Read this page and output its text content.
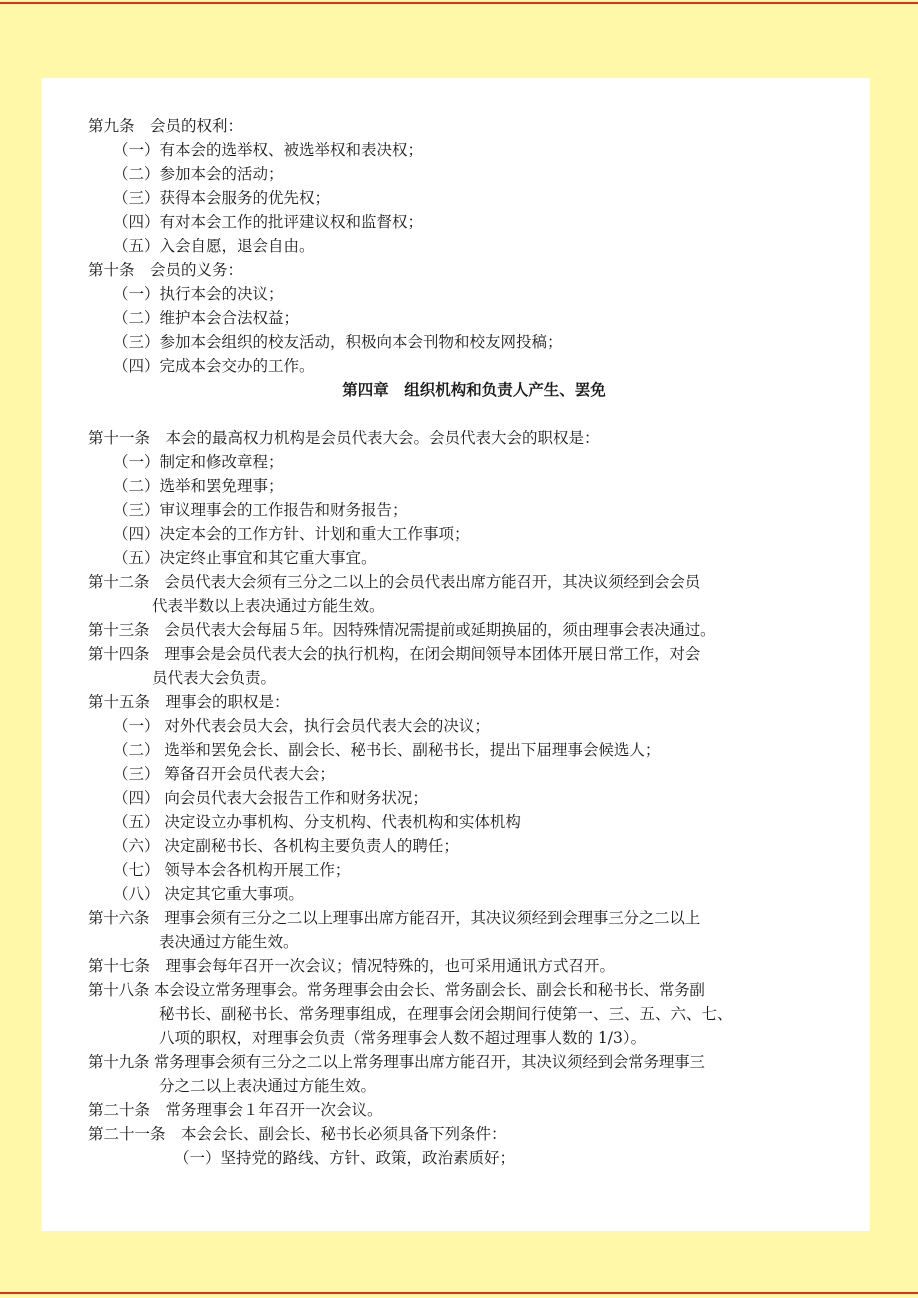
第九条　会员的权利：
（一）有本会的选举权、被选举权和表决权；
（二）参加本会的活动；
（三）获得本会服务的优先权；
（四）有对本会工作的批评建议权和监督权；
（五）入会自愿，退会自由。
第十条　会员的义务：
（一）执行本会的决议；
（二）维护本会合法权益；
（三）参加本会组织的校友活动，积极向本会刊物和校友网投稿；
（四）完成本会交办的工作。
第四章　组织机构和负责人产生、罢免
第十一条　本会的最高权力机构是会员代表大会。会员代表大会的职权是：
（一）制定和修改章程；
（二）选举和罢免理事；
（三）审议理事会的工作报告和财务报告；
（四）决定本会的工作方针、计划和重大工作事项；
（五）决定终止事宜和其它重大事宜。
第十二条　会员代表大会须有三分之二以上的会员代表出席方能召开，其决议须经到会会员
代表半数以上表决通过方能生效。
第十三条　会员代表大会每届５年。因特殊情况需提前或延期换届的，须由理事会表决通过。
第十四条　理事会是会员代表大会的执行机构，在闭会期间领导本团体开展日常工作，对会
员代表大会负责。
第十五条　理事会的职权是：
（一） 对外代表会员大会，执行会员代表大会的决议；
（二） 选举和罢免会长、副会长、秘书长、副秘书长，提出下届理事会候选人；
（三） 筹备召开会员代表大会；
（四） 向会员代表大会报告工作和财务状况；
（五） 决定设立办事机构、分支机构、代表机构和实体机构
（六） 决定副秘书长、各机构主要负责人的聘任；
（七） 领导本会各机构开展工作；
（八） 决定其它重大事项。
第十六条　理事会须有三分之二以上理事出席方能召开，其决议须经到会理事三分之二以上
表决通过方能生效。
第十七条　理事会每年召开一次会议；情况特殊的，也可采用通讯方式召开。
第十八条 本会设立常务理事会。常务理事会由会长、常务副会长、副会长和秘书长、常务副
秘书长、副秘书长、常务理事组成，在理事会闭会期间行使第一、三、五、六、七、
八项的职权，对理事会负责（常务理事会人数不超过理事人数的 1/3）。
第十九条 常务理事会须有三分之二以上常务理事出席方能召开，其决议须经到会常务理事三
分之二以上表决通过方能生效。
第二十条　常务理事会１年召开一次会议。
第二十一条　本会会长、副会长、秘书长必须具备下列条件：
（一）坚持党的路线、方针、政策，政治素质好；
